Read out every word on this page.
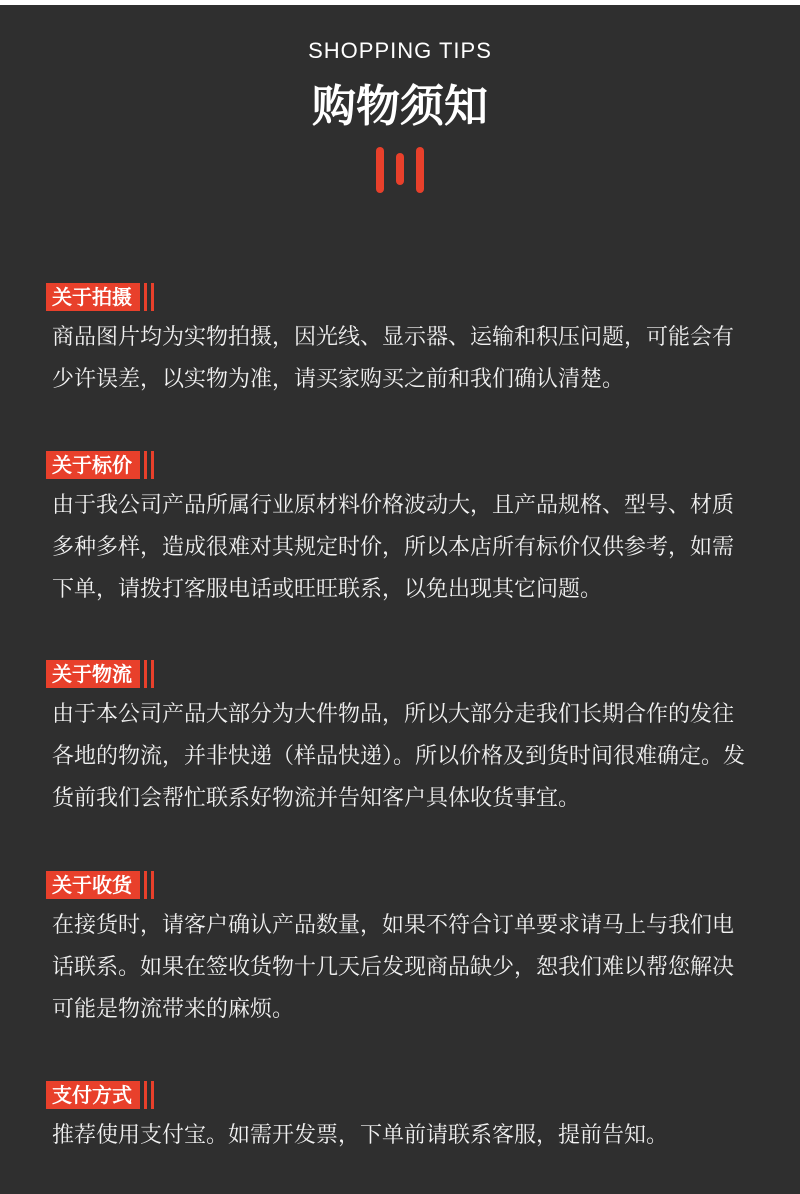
SHOPPING TIPS
购物须知
关于拍摄

商品图片均为实物拍摄，因光线、显示器、运输和积压问题，可能会有少许误差，以实物为准，请买家购买之前和我们确认清楚。

关于标价

由于我公司产品所属行业原材料价格波动大，且产品规格、型号、材质多种多样，造成很难对其规定时价，所以本店所有标价仅供参考，如需下单，请拨打客服电话或旺旺联系，以免出现其它问题。

关于物流

由于本公司产品大部分为大件物品，所以大部分走我们长期合作的发往各地的物流，并非快递（样品快递）。所以价格及到货时间很难确定。发货前我们会帮忙联系好物流并告知客户具体收货事宜。

关于收货

在接货时，请客户确认产品数量，如果不符合订单要求请马上与我们电话联系。如果在签收货物十几天后发现商品缺少，恕我们难以帮您解决可能是物流带来的麻烦。

支付方式

推荐使用支付宝。如需开发票，下单前请联系客服，提前告知。
